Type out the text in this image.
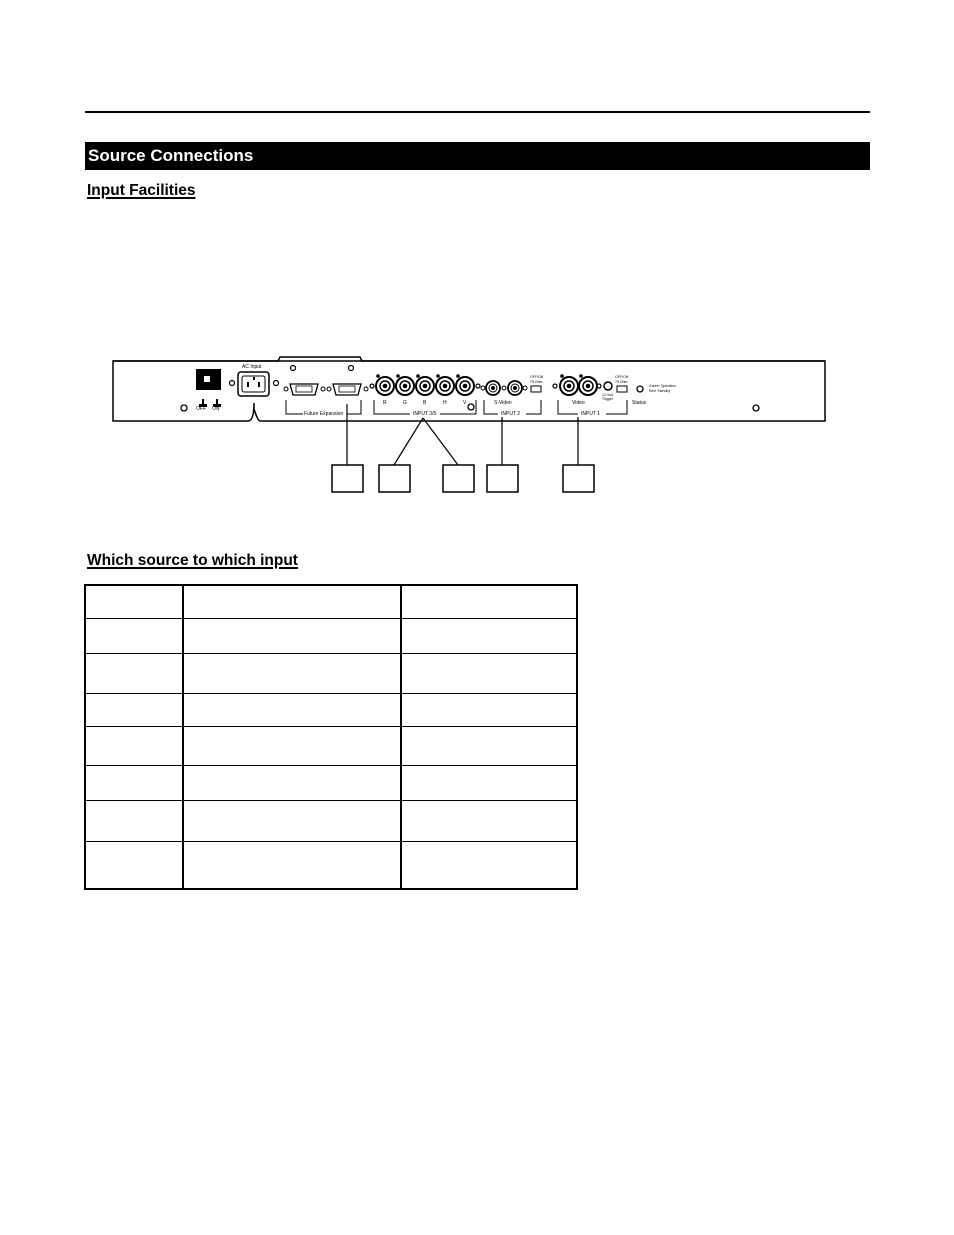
Source Connections
Input Facilities
OFF ON
AC Input
Future Expansion
R	G	B	H	V
INPUT 3/5
OFF/ON
75 Ohm
S-Video
INPUT 2
OFF/ON
75 Ohm
12 Volt
Trigger
Video
INPUT 1
Green: Operation
Red: Standby
Status
Which source to which input
